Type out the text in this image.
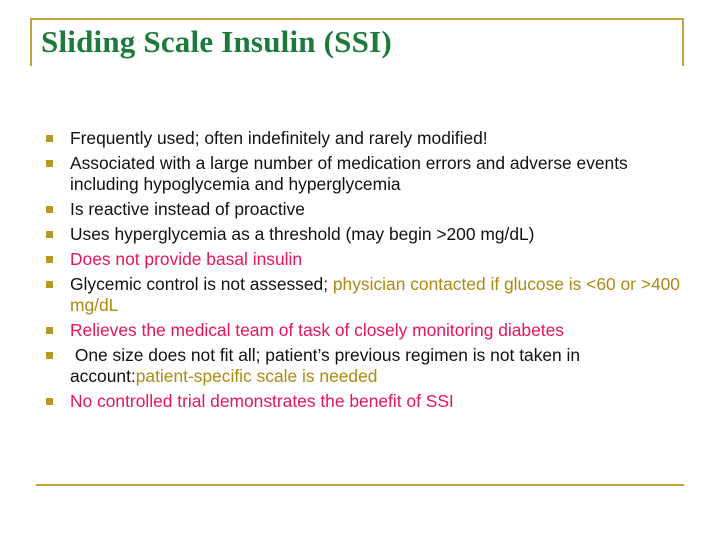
Sliding Scale Insulin (SSI)
Frequently used; often indefinitely and rarely modified!
Associated with a large number of medication errors and adverse events including hypoglycemia and hyperglycemia
Is reactive instead of proactive
Uses hyperglycemia as a threshold (may begin >200 mg/dL)
Does not provide basal insulin
Glycemic control is not assessed; physician contacted if glucose is <60 or >400 mg/dL
Relieves the medical team of task of closely monitoring diabetes
One size does not fit all; patient’s previous regimen is not taken in account:patient-specific scale is needed
No controlled trial demonstrates the benefit of SSI
